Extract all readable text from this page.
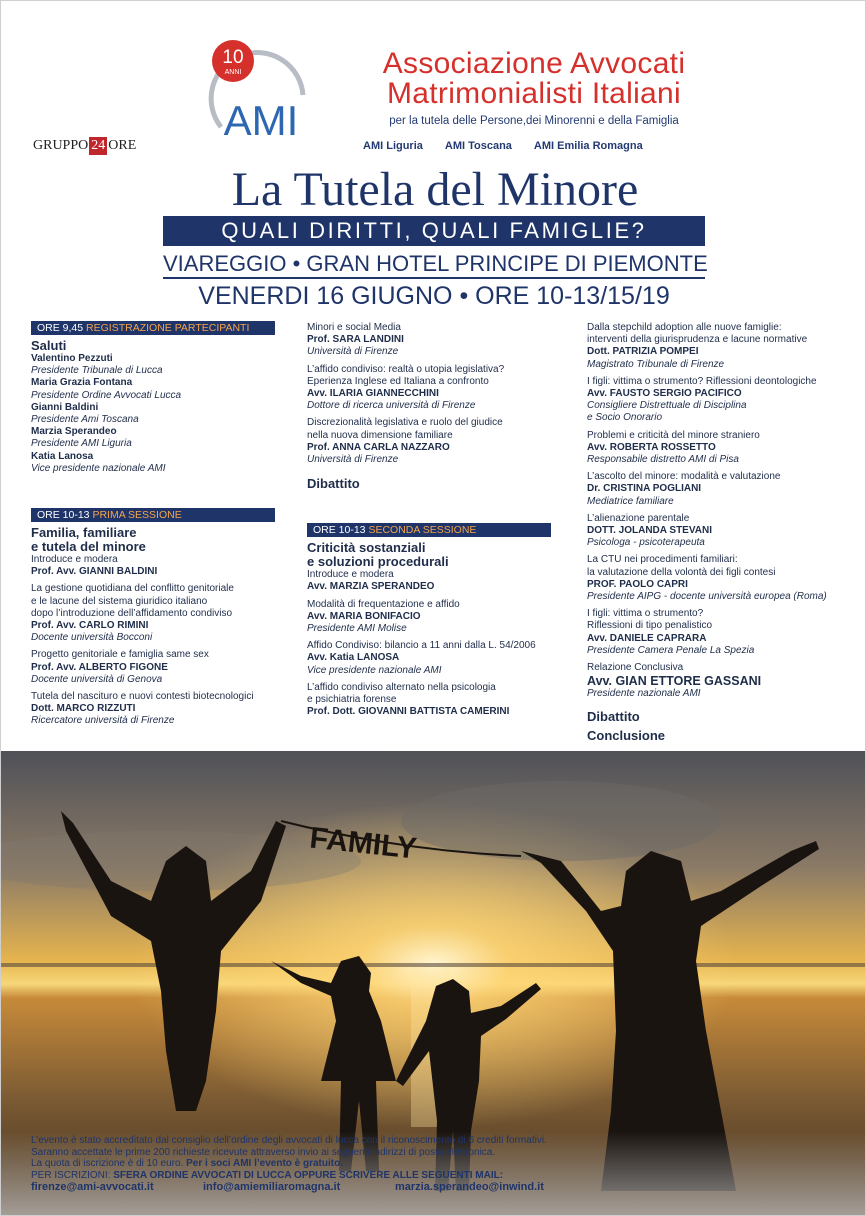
10
ANNI
AMI
Associazione Avvocati
Matrimonialisti Italiani
per la tutela delle Persone,dei Minorenni e della Famiglia
GRUPPO 24 ORE	AMI Liguria AMI Toscana AMI Emilia Romagna
La Tutela del Minore
QUALI DIRITTI, QUALI FAMIGLIE?
VIAREGGIO • GRAN HOTEL PRINCIPE DI PIEMONTE
VENERDI 16 GIUGNO • ORE 10-13/15/19
ORE 9,45 REGISTRAZIONE PARTECIPANTI
Saluti
Valentino Pezzuti
Presidente Tribunale di Lucca
Maria Grazia Fontana
Presidente Ordine Avvocati Lucca
Gianni Baldini
Presidente Ami Toscana
Marzia Sperandeo
Presidente AMI Liguria
Katia Lanosa
Vice presidente nazionale AMI
ORE 10-13 PRIMA SESSIONE
Familia, familiare
e tutela del minore
Introduce e modera
Prof. Avv. GIANNI BALDINI
La gestione quotidiana del conflitto genitoriale
e le lacune del sistema giuridico italiano
dopo l’introduzione dell’affidamento condiviso
Prof. Avv. CARLO RIMINI
Docente università Bocconi
Progetto genitoriale e famiglia same sex
Prof. Avv. ALBERTO FIGONE
Docente università di Genova
Tutela del nascituro e nuovi contesti biotecnologici
Dott. MARCO RIZZUTI
Ricercatore università di Firenze
Minori e social Media
Prof. SARA LANDINI
Università di Firenze
L’affido condiviso: realtà o utopia legislativa?
Eperienza Inglese ed Italiana a confronto
Avv. ILARIA GIANNECCHINI
Dottore di ricerca università di Firenze
Discrezionalità legislativa e ruolo del giudice
nella nuova dimensione familiare
Prof. ANNA CARLA NAZZARO
Università di Firenze
Dibattito
ORE 10-13 SECONDA SESSIONE
Criticità sostanziali
e soluzioni procedurali
Introduce e modera
Avv. MARZIA SPERANDEO
Modalità di frequentazione e affido
Avv. MARIA BONIFACIO
Presidente AMI Molise
Affido Condiviso: bilancio a 11 anni dalla L. 54/2006
Avv. Katia LANOSA
Vice presidente nazionale AMI
L’affido condiviso alternato nella psicologia
e psichiatria forense
Prof. Dott. GIOVANNI BATTISTA CAMERINI
Dalla stepchild adoption alle nuove famiglie:
interventi della giurisprudenza e lacune normative
Dott. PATRIZIA POMPEI
Magistrato Tribunale di Firenze
I figli: vittima o strumento? Riflessioni deontologiche
Avv. FAUSTO SERGIO PACIFICO
Consigliere Distrettuale di Disciplina
e Socio Onorario
Problemi e criticità del minore straniero
Avv. ROBERTA ROSSETTO
Responsabile distretto AMI di Pisa
L’ascolto del minore: modalità e valutazione
Dr. CRISTINA POGLIANI
Mediatrice familiare
L’alienazione parentale
DOTT. JOLANDA STEVANI
Psicologa - psicoterapeuta
La CTU nei procedimenti familiari:
la valutazione della volontà dei figli contesi
PROF. PAOLO CAPRI
Presidente AIPG - docente università europea (Roma)
I figli: vittima o strumento?
Riflessioni di tipo penalistico
Avv. DANIELE CAPRARA
Presidente Camera Penale La Spezia
Relazione Conclusiva
Avv. GIAN ETTORE GASSANI
Presidente nazionale AMI
Dibattito
Conclusione
FAMILY
L’evento è stato accreditato dal consiglio dell’ordine degli avvocati di lucca con il riconoscimento di 6 crediti formativi.
Saranno accettate le prime 200 richieste ricevute attraverso invio ai seguenti indirizzi di posta elettronica.
La quota di iscrizione è di 10 euro. Per i soci AMI l’evento è gratuito.
PER ISCRIZIONI: SFERA ORDINE AVVOCATI DI LUCCA OPPURE SCRIVERE ALLE SEGUENTI MAIL:
firenze@ami-avvocati.it	info@amiemiliaromagna.it	marzia.sperandeo@inwind.it
